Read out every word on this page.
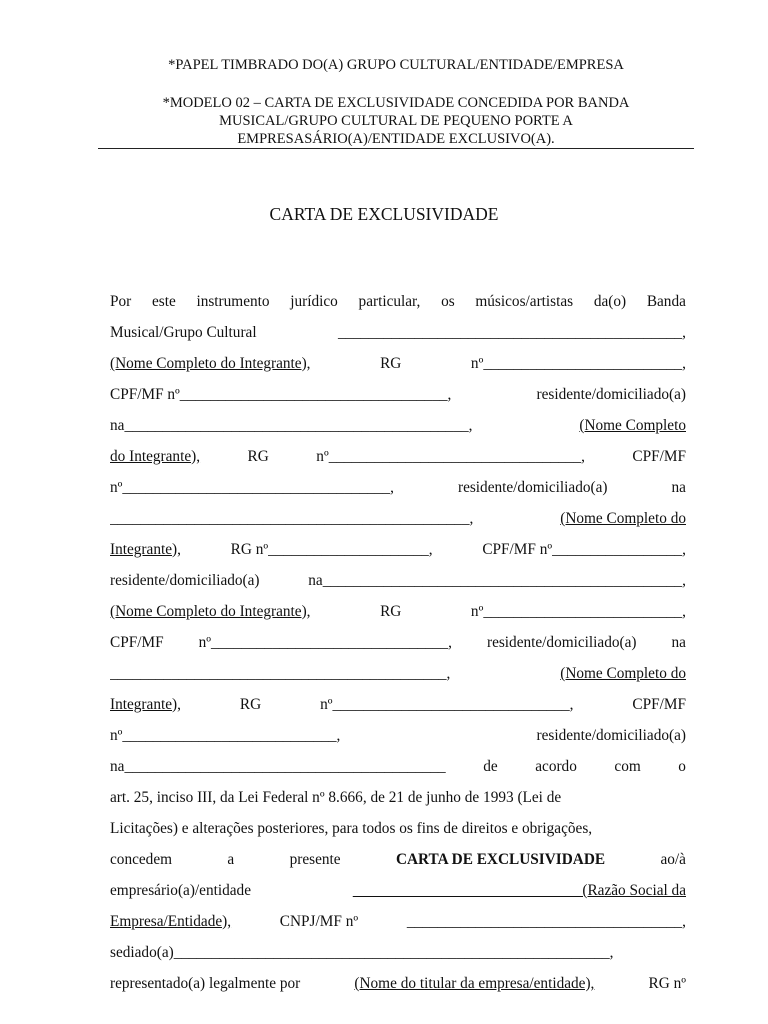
*PAPEL TIMBRADO DO(A) GRUPO CULTURAL/ENTIDADE/EMPRESA

*MODELO 02 – CARTA DE EXCLUSIVIDADE CONCEDIDA POR BANDA

MUSICAL/GRUPO CULTURAL DE PEQUENO PORTE A

EMPRESASÁRIO(A)/ENTIDADE EXCLUSIVO(A).

CARTA DE EXCLUSIVIDADE
Por este instrumento jurídico particular, os músicos/artistas da(o) Banda
Musical/Grupo Cultural	_____________________________________________,
(Nome Completo do Integrante),	RG	nº__________________________,
CPF/MF nº___________________________________,	residente/domiciliado(a)
na_____________________________________________,	(Nome Completo
do Integrante),	RG	nº_________________________________,	CPF/MF
nº___________________________________,	residente/domiciliado(a)	na
_______________________________________________,	(Nome Completo do
Integrante),	RG nº_____________________,	CPF/MF nº_________________,
residente/domiciliado(a)	na_______________________________________________,
(Nome Completo do Integrante),	RG	nº__________________________,
CPF/MF nº_______________________________, residente/domiciliado(a) na
____________________________________________,	(Nome Completo do
Integrante),	RG	nº_______________________________,	CPF/MF
nº____________________________,	residente/domiciliado(a)
na__________________________________________ de acordo com o
art. 25, inciso III, da Lei Federal nº 8.666, de 21 de junho de 1993 (Lei de
Licitações) e alterações posteriores, para todos os fins de direitos e obrigações,
concedem	a	presente	CARTA DE EXCLUSIVIDADE	ao/à
empresário(a)/entidade	______________________________(Razão Social da
Empresa/Entidade),	CNPJ/MF nº	____________________________________,
sediado(a)_________________________________________________________,
representado(a) legalmente por	(Nome do titular da empresa/entidade),	RG nº
